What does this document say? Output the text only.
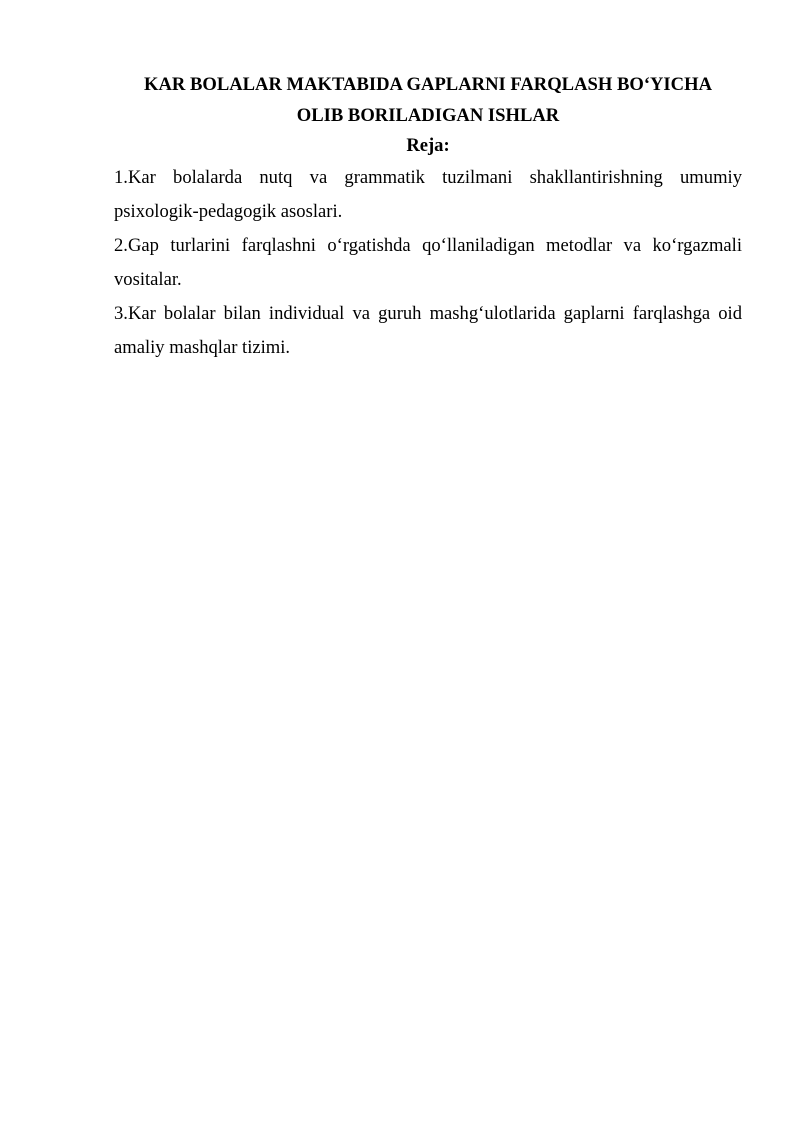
KAR BOLALAR MAKTABIDA GAPLARNI FARQLASH BO‘YICHA
OLIB BORILADIGAN ISHLAR
Reja:
1.Kar bolalarda nutq va grammatik tuzilmani shakllantirishning umumiy psixologik-pedagogik asoslari.
2.Gap turlarini farqlashni o‘rgatishda qo‘llaniladigan metodlar va ko‘rgazmali vositalar.
3.Kar bolalar bilan individual va guruh mashg‘ulotlarida gaplarni farqlashga oid amaliy mashqlar tizimi.
